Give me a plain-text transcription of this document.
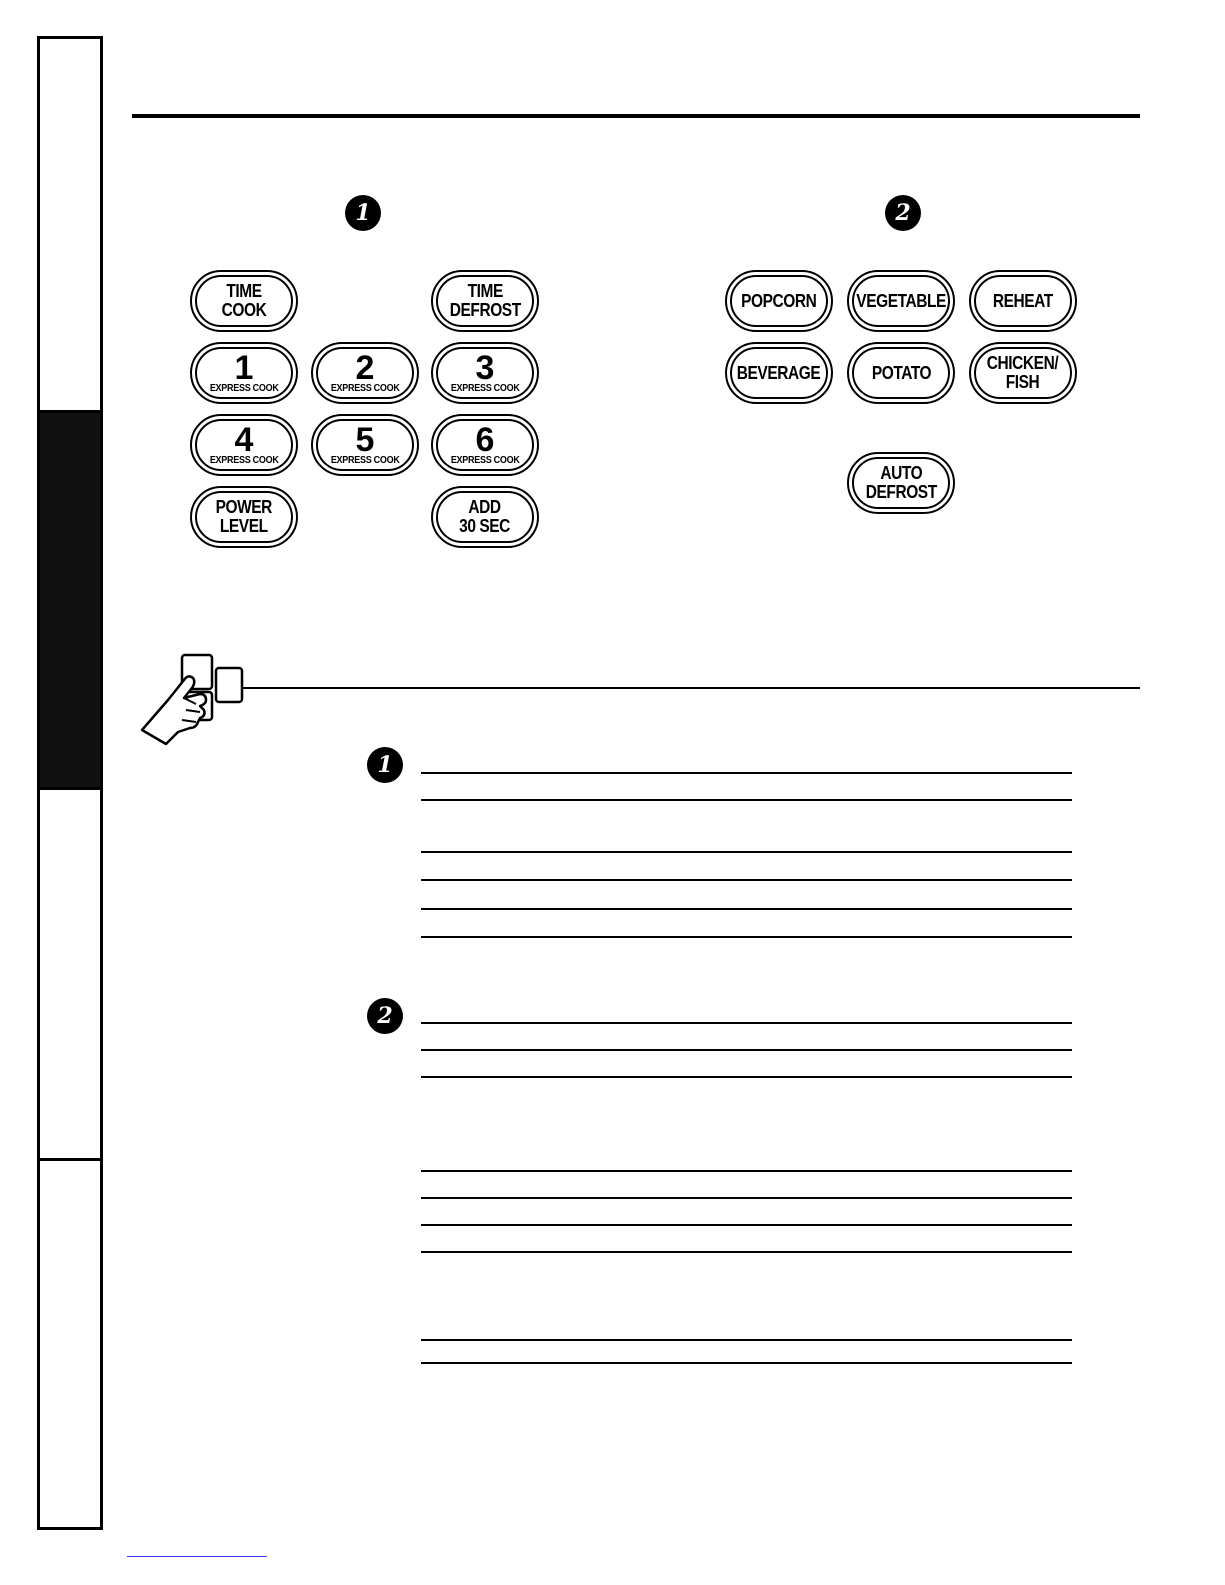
1	2
TIME
COOK
TIME
DEFROST
1
EXPRESS COOK
2
EXPRESS COOK
3
EXPRESS COOK
4
EXPRESS COOK
5
EXPRESS COOK
6
EXPRESS COOK
POWER
LEVEL
ADD
30 SEC
POPCORN VEGETABLE	REHEAT
BEVERAGE	POTATO	CHICKEN/
FISH
AUTO
DEFROST
1
2
